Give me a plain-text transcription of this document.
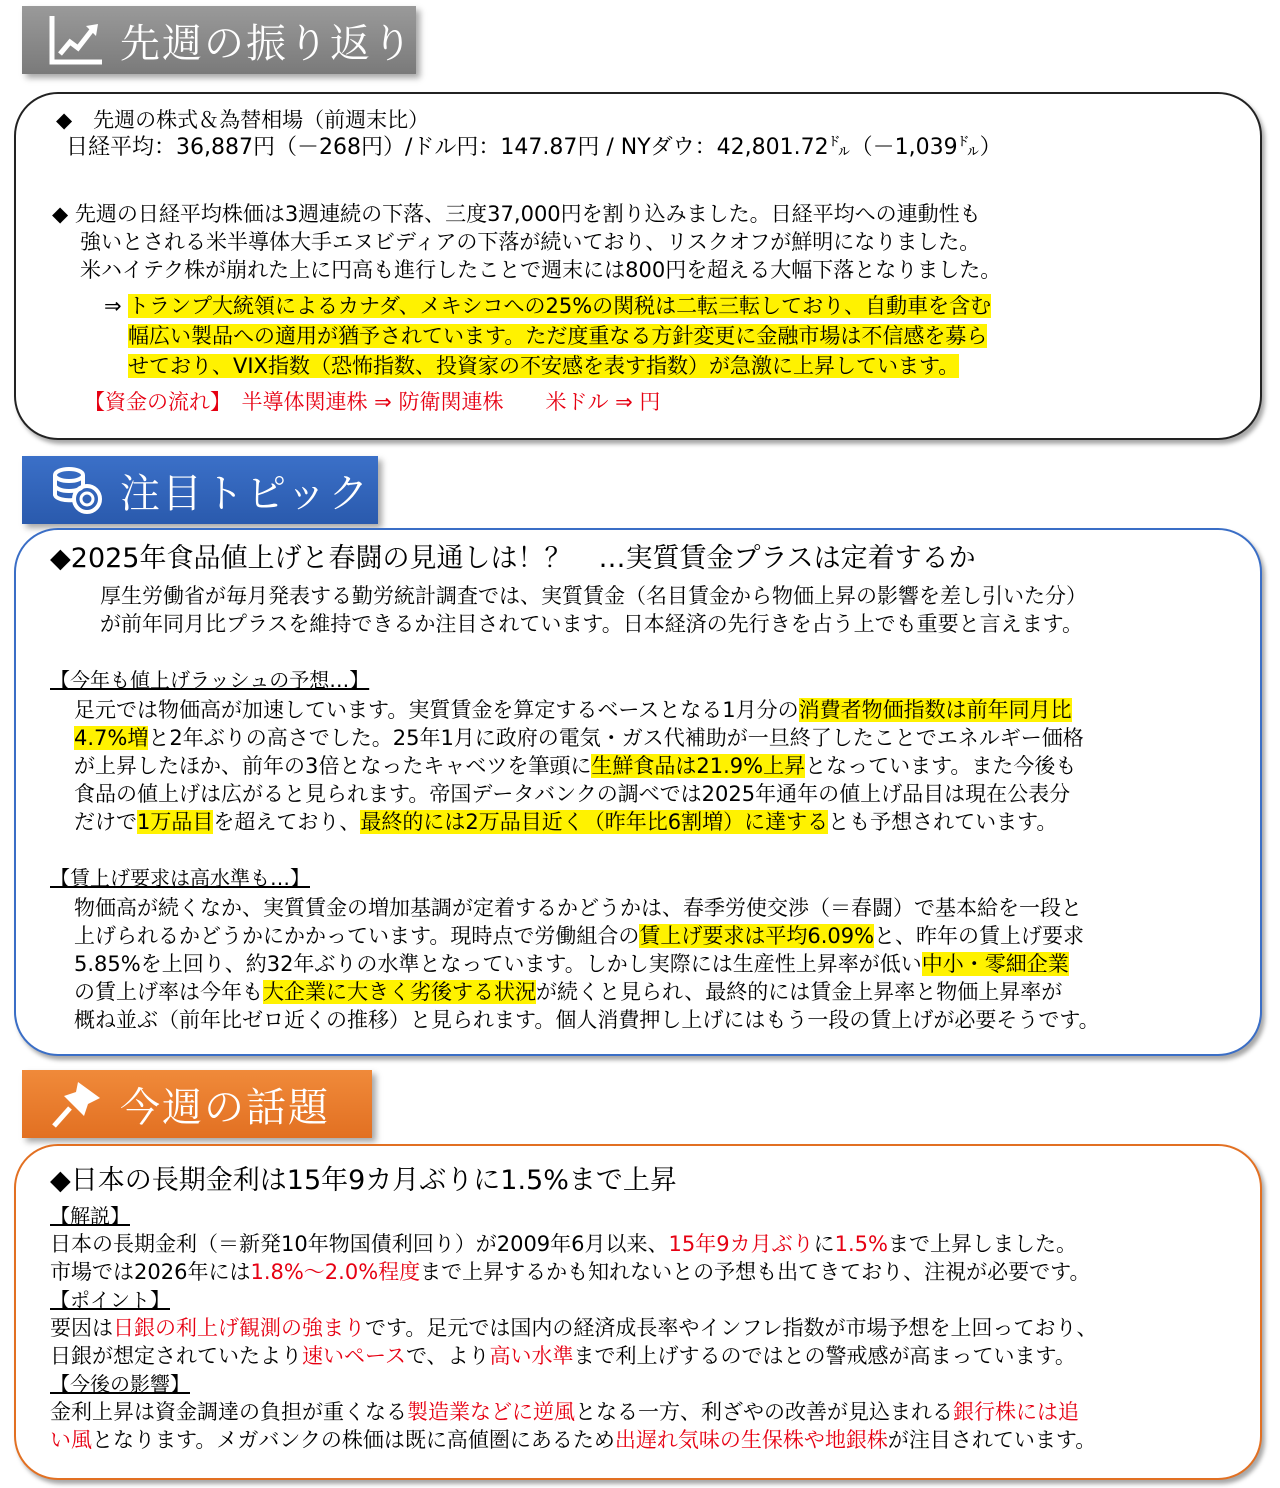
先週の振り返り
◆　先週の株式＆為替相場（前週末比）
日経平均：36,887円（－268円）/ドル円：147.87円 / NYダウ：42,801.72㌦（－1,039㌦）
◆ 先週の日経平均株価は3週連続の下落、三度37,000円を割り込みました。日経平均への連動性も
強いとされる米半導体大手エヌビディアの下落が続いており、リスクオフが鮮明になりました。
米ハイテク株が崩れた上に円高も進行したことで週末には800円を超える大幅下落となりました。
⇒ トランプ大統領によるカナダ、メキシコへの25%の関税は二転三転しており、自動車を含む
幅広い製品への適用が猶予されています。ただ度重なる方針変更に金融市場は不信感を募ら
せており、VIX指数（恐怖指数、投資家の不安感を表す指数）が急激に上昇しています。
【資金の流れ】　半導体関連株 ⇒ 防衛関連株　　米ドル ⇒ 円
注目トピック
◆2025年食品値上げと春闘の見通しは！？　…実質賃金プラスは定着するか
厚生労働省が毎月発表する勤労統計調査では、実質賃金（名目賃金から物価上昇の影響を差し引いた分）
が前年同月比プラスを維持できるか注目されています。日本経済の先行きを占う上でも重要と言えます。
【今年も値上げラッシュの予想…】
足元では物価高が加速しています。実質賃金を算定するベースとなる1月分の消費者物価指数は前年同月比
4.7%増と2年ぶりの高さでした。25年1月に政府の電気・ガス代補助が一旦終了したことでエネルギー価格
が上昇したほか、前年の3倍となったキャベツを筆頭に生鮮食品は21.9%上昇となっています。また今後も
食品の値上げは広がると見られます。帝国データバンクの調べでは2025年通年の値上げ品目は現在公表分
だけで1万品目を超えており、最終的には2万品目近く（昨年比6割増）に達するとも予想されています。
【賃上げ要求は高水準も…】
物価高が続くなか、実質賃金の増加基調が定着するかどうかは、春季労使交渉（＝春闘）で基本給を一段と
上げられるかどうかにかかっています。現時点で労働組合の賃上げ要求は平均6.09%と、昨年の賃上げ要求
5.85%を上回り、約32年ぶりの水準となっています。しかし実際には生産性上昇率が低い中小・零細企業
の賃上げ率は今年も大企業に大きく劣後する状況が続くと見られ、最終的には賃金上昇率と物価上昇率が
概ね並ぶ（前年比ゼロ近くの推移）と見られます。個人消費押し上げにはもう一段の賃上げが必要そうです。
今週の話題
◆日本の長期金利は15年9カ月ぶりに1.5%まで上昇
【解説】
日本の長期金利（＝新発10年物国債利回り）が2009年6月以来、15年9カ月ぶりに1.5%まで上昇しました。
市場では2026年には1.8%～2.0%程度まで上昇するかも知れないとの予想も出てきており、注視が必要です。
【ポイント】
要因は日銀の利上げ観測の強まりです。足元では国内の経済成長率やインフレ指数が市場予想を上回っており、
日銀が想定されていたより速いペースで、より高い水準まで利上げするのではとの警戒感が高まっています。
【今後の影響】
金利上昇は資金調達の負担が重くなる製造業などに逆風となる一方、利ざやの改善が見込まれる銀行株には追
い風となります。メガバンクの株価は既に高値圏にあるため出遅れ気味の生保株や地銀株が注目されています。
